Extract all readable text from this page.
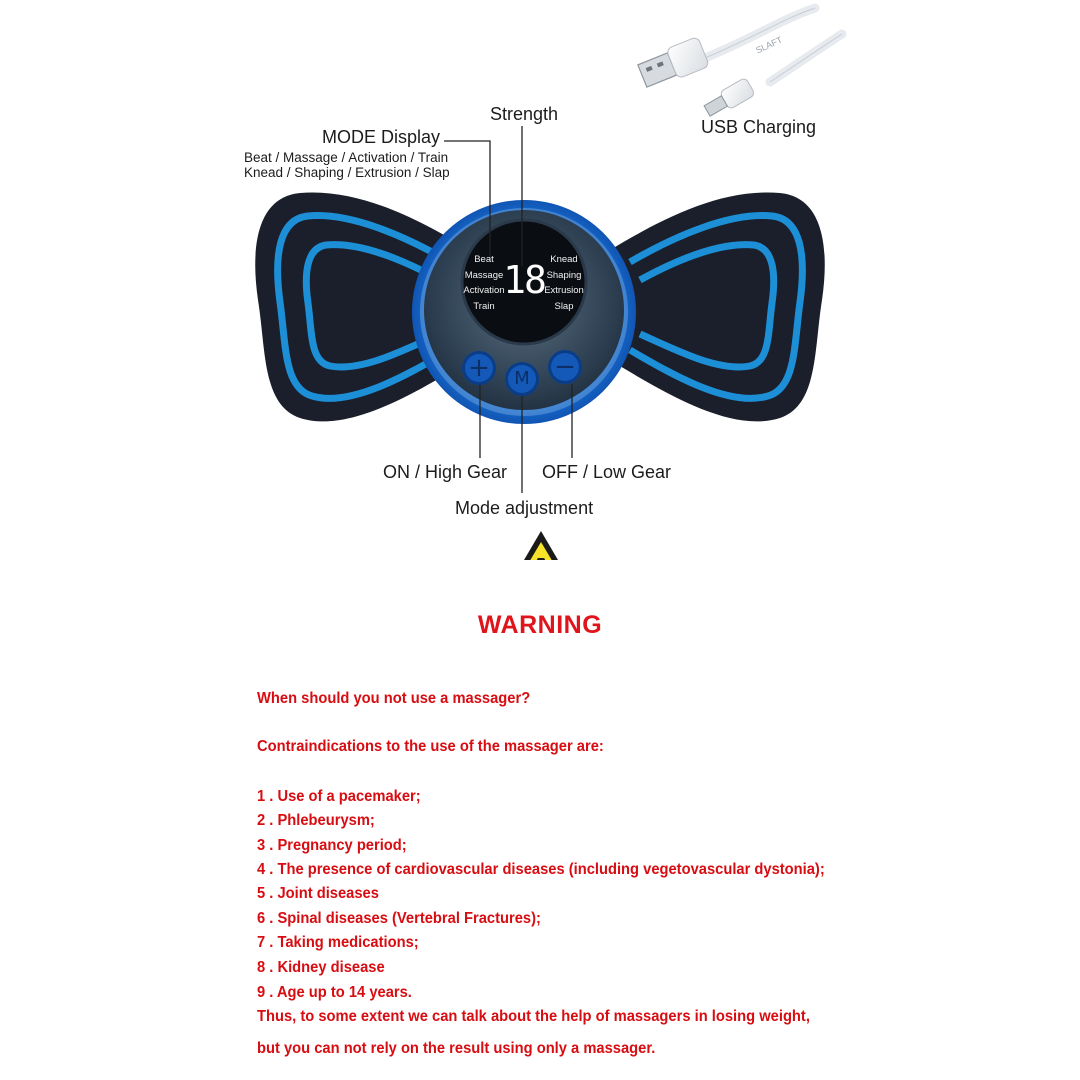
SLAFT
Beat
Massage
Activation
Train
18 Knead
Shaping
Extrusion
Slap
+ M −
Strength
MODE Display
Beat / Massage / Activation / Train
Knead / Shaping / Extrusion / Slap
USB Charging
ON / High Gear OFF / Low Gear
Mode adjustment
WARNING
When should you not use a massager?
Contraindications to the use of the massager are:
1 . Use of a pacemaker;
2 . Phlebeurysm;
3 . Pregnancy period;
4 . The presence of cardiovascular diseases (including vegetovascular dystonia);
5 . Joint diseases
6 . Spinal diseases (Vertebral Fractures);
7 . Taking medications;
8 . Kidney disease
9 . Age up to 14 years.
Thus, to some extent we can talk about the help of massagers in losing weight,
but you can not rely on the result using only a massager.
